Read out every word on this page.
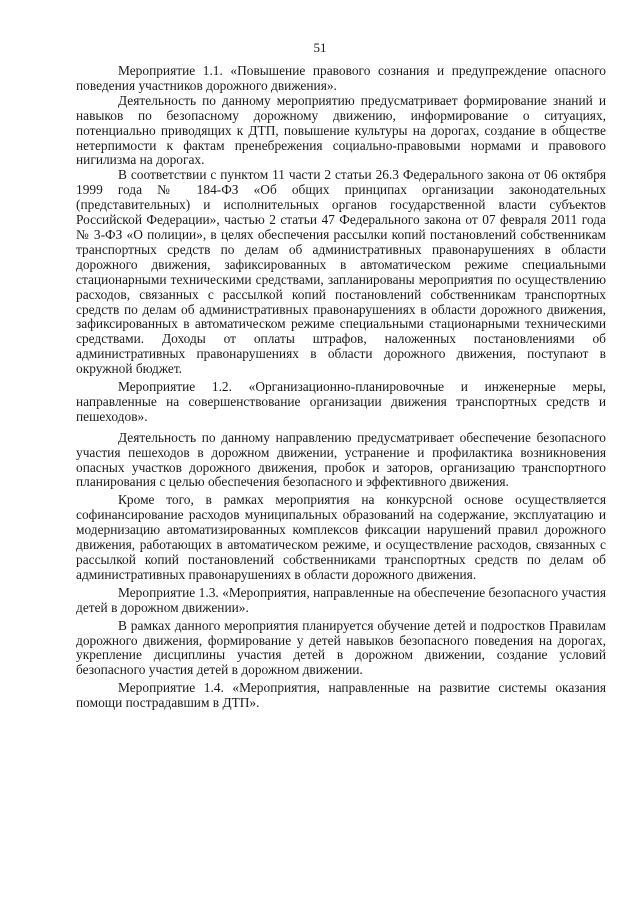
51

Мероприятие 1.1. «Повышение правового сознания и предупреждение опасного поведения участников дорожного движения».

Деятельность по данному мероприятию предусматривает формирование знаний и навыков по безопасному дорожному движению, информирование о ситуациях, потенциально приводящих к ДТП, повышение культуры на дорогах, создание в обществе нетерпимости к фактам пренебрежения социально-правовыми нормами и правового нигилизма на дорогах.

В соответствии с пунктом 11 части 2 статьи 26.3 Федерального закона от 06 октября 1999 года № 184-ФЗ «Об общих принципах организации законодательных (представительных) и исполнительных органов государственной власти субъектов Российской Федерации», частью 2 статьи 47 Федерального закона от 07 февраля 2011 года № 3-ФЗ «О полиции», в целях обеспечения рассылки копий постановлений собственникам транспортных средств по делам об административных правонарушениях в области дорожного движения, зафиксированных в автоматическом режиме специальными стационарными техническими средствами, запланированы мероприятия по осуществлению расходов, связанных с рассылкой копий постановлений собственникам транспортных средств по делам об административных правонарушениях в области дорожного движения, зафиксированных в автоматическом режиме специальными стационарными техническими средствами. Доходы от оплаты штрафов, наложенных постановлениями об административных правонарушениях в области дорожного движения, поступают в окружной бюджет.

Мероприятие 1.2. «Организационно-планировочные и инженерные меры, направленные на совершенствование организации движения транспортных средств и пешеходов».

Деятельность по данному направлению предусматривает обеспечение безопасного участия пешеходов в дорожном движении, устранение и профилактика возникновения опасных участков дорожного движения, пробок и заторов, организацию транспортного планирования с целью обеспечения безопасного и эффективного движения.

Кроме того, в рамках мероприятия на конкурсной основе осуществляется софинансирование расходов муниципальных образований на содержание, эксплуатацию и модернизацию автоматизированных комплексов фиксации нарушений правил дорожного движения, работающих в автоматическом режиме, и осуществление расходов, связанных с рассылкой копий постановлений собственниками транспортных средств по делам об административных правонарушениях в области дорожного движения.

Мероприятие 1.3. «Мероприятия, направленные на обеспечение безопасного участия детей в дорожном движении».

В рамках данного мероприятия планируется обучение детей и подростков Правилам дорожного движения, формирование у детей навыков безопасного поведения на дорогах, укрепление дисциплины участия детей в дорожном движении, создание условий безопасного участия детей в дорожном движении.

Мероприятие 1.4. «Мероприятия, направленные на развитие системы оказания помощи пострадавшим в ДТП».
